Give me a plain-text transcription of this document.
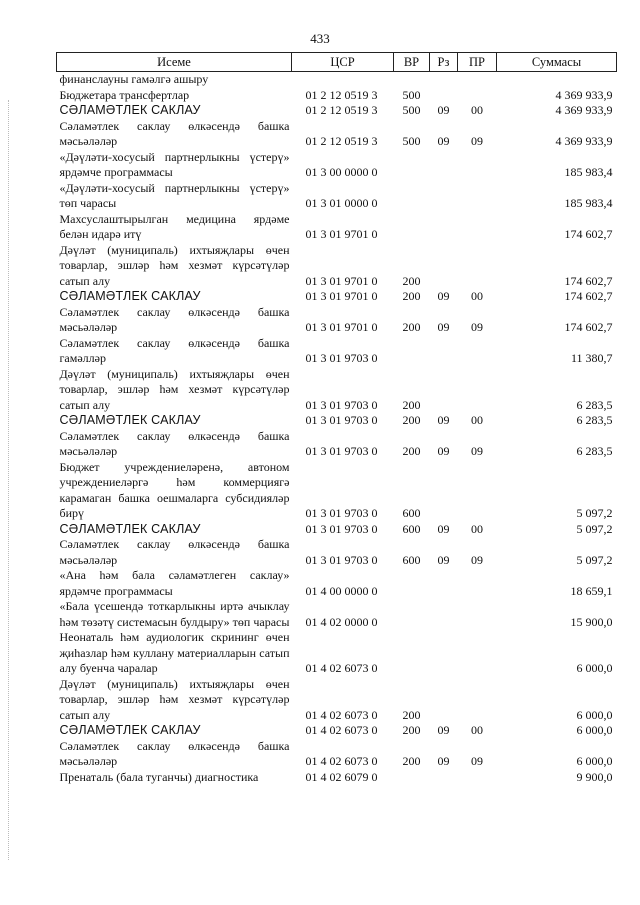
433
Исеме	ЦСР	ВР	Рз	ПР	Суммасы
финанслауны гамәлгә ашыру					
Бюджетара трансфертлар	01 2 12 0519 3	500			4 369 933,9
СӘЛАМӘТЛЕК САКЛАУ	01 2 12 0519 3	500	09	00	4 369 933,9
Сәламәтлек саклау өлкәсендә башка мәсьәләләр	01 2 12 0519 3	500	09	09	4 369 933,9
«Дәүләти-хосусый партнерлыкны үстерү» ярдәмче программасы	01 3 00 0000 0				185 983,4
«Дәүләти-хосусый партнерлыкны үстерү» төп чарасы	01 3 01 0000 0				185 983,4
Махсуслаштырылган медицина ярдәме белән идарә итү	01 3 01 9701 0				174 602,7
Дәүләт (муниципаль) ихтыяҗлары өчен товарлар, эшләр һәм хезмәт күрсәтүләр сатып алу	01 3 01 9701 0	200			174 602,7
СӘЛАМӘТЛЕК САКЛАУ	01 3 01 9701 0	200	09	00	174 602,7
Сәламәтлек саклау өлкәсендә башка мәсьәләләр	01 3 01 9701 0	200	09	09	174 602,7
Сәламәтлек саклау өлкәсендә башка гамәлләр	01 3 01 9703 0				11 380,7
Дәүләт (муниципаль) ихтыяҗлары өчен товарлар, эшләр һәм хезмәт күрсәтүләр сатып алу	01 3 01 9703 0	200			6 283,5
СӘЛАМӘТЛЕК САКЛАУ	01 3 01 9703 0	200	09	00	6 283,5
Сәламәтлек саклау өлкәсендә башка мәсьәләләр	01 3 01 9703 0	200	09	09	6 283,5
Бюджет учреждениеләренә, автоном учреждениеләргә һәм коммерциягә карамаган башка оешмаларга субсидияләр бирү	01 3 01 9703 0	600			5 097,2
СӘЛАМӘТЛЕК САКЛАУ	01 3 01 9703 0	600	09	00	5 097,2
Сәламәтлек саклау өлкәсендә башка мәсьәләләр	01 3 01 9703 0	600	09	09	5 097,2
«Ана һәм бала сәламәтлеген саклау» ярдәмче программасы	01 4 00 0000 0				18 659,1
«Бала үсешендә тоткарлыкны иртә ачыклау һәм төзәтү системасын булдыру» төп чарасы	01 4 02 0000 0				15 900,0
Неонаталь һәм аудиологик скрининг өчен җиһазлар һәм куллану материалларын сатып алу буенча чаралар	01 4 02 6073 0				6 000,0
Дәүләт (муниципаль) ихтыяҗлары өчен товарлар, эшләр һәм хезмәт күрсәтүләр сатып алу	01 4 02 6073 0	200			6 000,0
СӘЛАМӘТЛЕК САКЛАУ	01 4 02 6073 0	200	09	00	6 000,0
Сәламәтлек саклау өлкәсендә башка мәсьәләләр	01 4 02 6073 0	200	09	09	6 000,0
Пренаталь (бала туганчы) диагностика	01 4 02 6079 0				9 900,0
